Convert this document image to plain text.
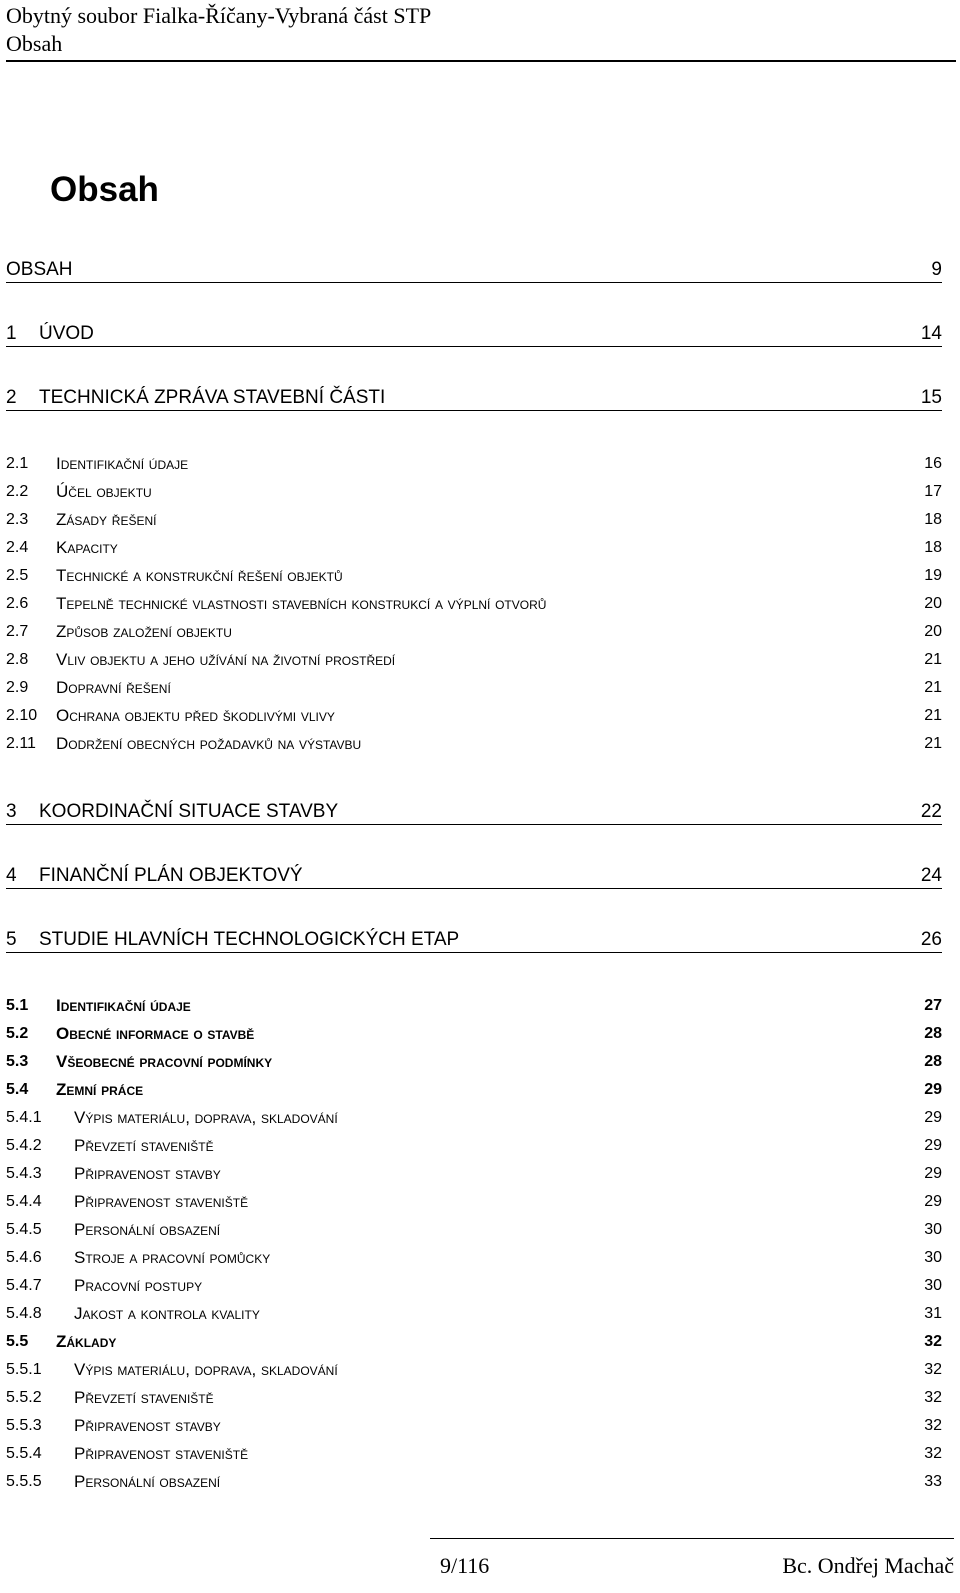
Obytný soubor Fialka-Říčany-Vybraná část STP
Obsah
Obsah
OBSAH	9
1	ÚVOD	14
2	TECHNICKÁ ZPRÁVA STAVEBNÍ ČÁSTI	15
2.1	Identifikační údaje	16
2.2	Účel objektu	17
2.3	Zásady řešení	18
2.4	Kapacity	18
2.5	Technické a konstrukční řešení objektů	19
2.6	Tepelně technické vlastnosti stavebních konstrukcí a výplní otvorů	20
2.7	Způsob založení objektu	20
2.8	Vliv objektu a jeho užívání na životní prostředí	21
2.9	Dopravní řešení	21
2.10	Ochrana objektu před škodlivými vlivy	21
2.11	Dodržení obecných požadavků na výstavbu	21
3	KOORDINAČNÍ SITUACE STAVBY	22
4	FINANČNÍ PLÁN OBJEKTOVÝ	24
5	STUDIE HLAVNÍCH TECHNOLOGICKÝCH ETAP	26
5.1	Identifikační údaje	27
5.2	Obecné informace o stavbě	28
5.3	Všeobecné pracovní podmínky	28
5.4	Zemní práce	29
5.4.1	Výpis materiálu, doprava, skladování	29
5.4.2	Převzetí staveniště	29
5.4.3	Připravenost stavby	29
5.4.4	Připravenost staveniště	29
5.4.5	Personální obsazení	30
5.4.6	Stroje a pracovní pomůcky	30
5.4.7	Pracovní postupy	30
5.4.8	Jakost a kontrola kvality	31
5.5	Základy	32
5.5.1	Výpis materiálu, doprava, skladování	32
5.5.2	Převzetí staveniště	32
5.5.3	Připravenost stavby	32
5.5.4	Připravenost staveniště	32
5.5.5	Personální obsazení	33
9/116	Bc. Ondřej Machač
